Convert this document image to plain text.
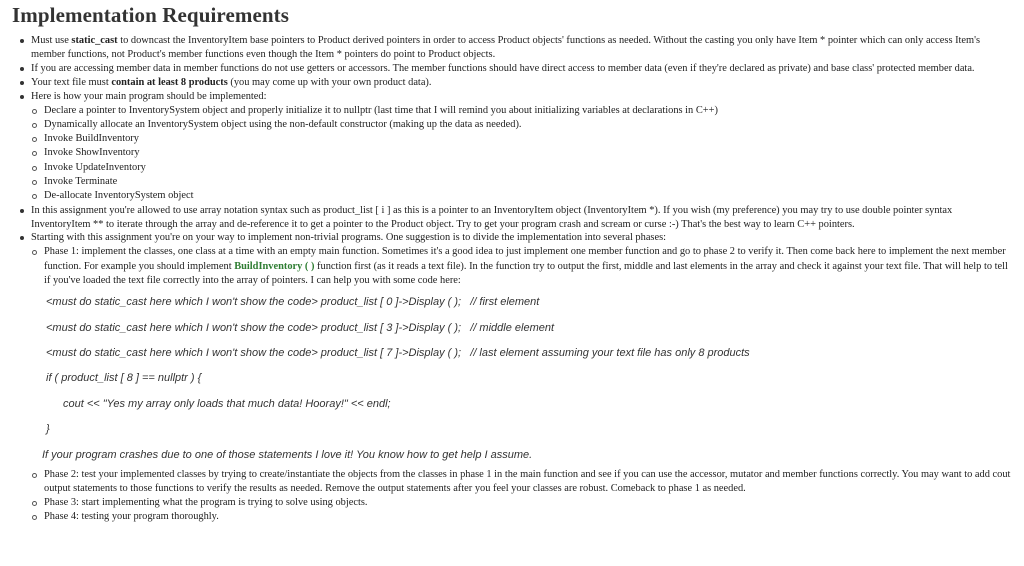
Implementation Requirements
Must use static_cast to downcast the InventoryItem base pointers to Product derived pointers in order to access Product objects' functions as needed. Without the casting you only have Item * pointer which can only access Item's member functions, not Product's member functions even though the Item * pointers do point to Product objects.
If you are accessing member data in member functions do not use getters or accessors. The member functions should have direct access to member data (even if they're declared as private) and base class' protected member data.
Your text file must contain at least 8 products (you may come up with your own product data).
Here is how your main program should be implemented:
Declare a pointer to InventorySystem object and properly initialize it to nullptr (last time that I will remind you about initializing variables at declarations in C++)
Dynamically allocate an InventorySystem object using the non-default constructor (making up the data as needed).
Invoke BuildInventory
Invoke ShowInventory
Invoke UpdateInventory
Invoke Terminate
De-allocate InventorySystem object
In this assignment you're allowed to use array notation syntax such as product_list [ i ] as this is a pointer to an InventoryItem object (InventoryItem *). If you wish (my preference) you may try to use double pointer syntax InventoryItem ** to iterate through the array and de-reference it to get a pointer to the Product object. Try to get your program crash and scream or curse :-) That's the best way to learn C++ pointers.
Starting with this assignment you're on your way to implement non-trivial programs. One suggestion is to divide the implementation into several phases:
Phase 1: implement the classes, one class at a time with an empty main function. Sometimes it's a good idea to just implement one member function and go to phase 2 to verify it. Then come back here to implement the next member function. For example you should implement BuildInventory ( ) function first (as it reads a text file). In the function try to output the first, middle and last elements in the array and check it against your text file. That will help to tell if you've loaded the text file correctly into the array of pointers. I can help you with some code here:
<must do static_cast here which I won't show the code> product_list [ 0 ]->Display ( );   // first element
<must do static_cast here which I won't show the code> product_list [ 3 ]->Display ( );   // middle element
<must do static_cast here which I won't show the code> product_list [ 7 ]->Display ( );   // last element assuming your text file has only 8 products
if ( product_list [ 8 ] == nullptr ) {
cout << "Yes my array only loads that much data! Hooray!" << endl;
}
If your program crashes due to one of those statements I love it! You know how to get help I assume.
Phase 2: test your implemented classes by trying to create/instantiate the objects from the classes in phase 1 in the main function and see if you can use the accessor, mutator and member functions correctly. You may want to add cout output statements to those functions to verify the results as needed. Remove the output statements after you feel your classes are robust. Comeback to phase 1 as needed.
Phase 3: start implementing what the program is trying to solve using objects.
Phase 4: testing your program thoroughly.
